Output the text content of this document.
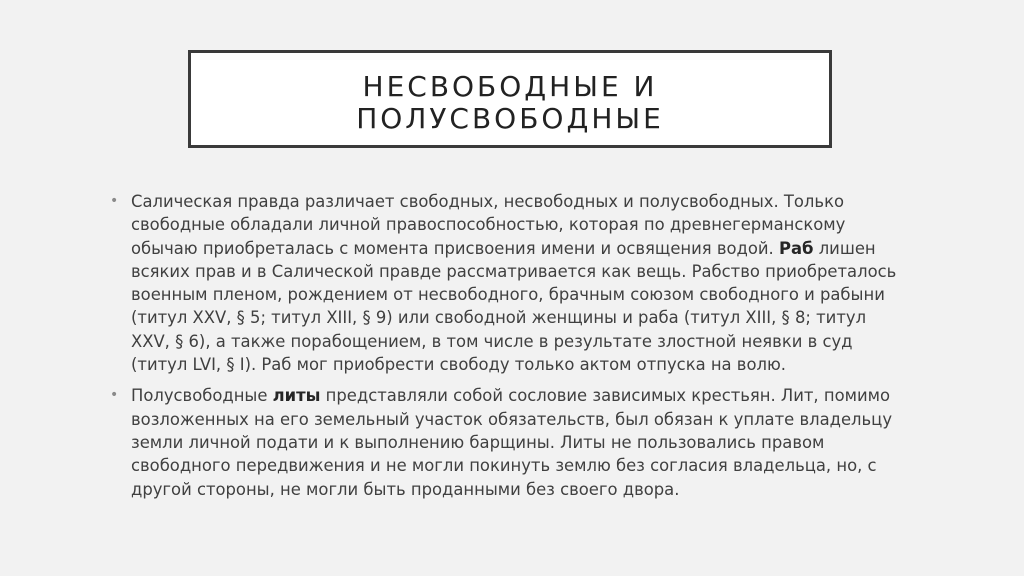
НЕСВОБОДНЫЕ И
ПОЛУСВОБОДНЫЕ
• Салическая правда различает свободных, несвободных и полусвободных. Только свободные обладали личной правоспособностью, которая по древнегерманскому обычаю приобреталась с момента присвоения имени и освящения водой. Раб лишен всяких прав и в Салической правде рассматривается как вещь. Рабство приобреталось военным пленом, рождением от несвободного, брачным союзом свободного и рабыни (титул XXV, § 5; титул XIII, § 9) или свободной женщины и раба (титул XIII, § 8; титул XXV, § 6), а также порабощением, в том числе в результате злостной неявки в суд (титул LVI, § I). Раб мог приобрести свободу только актом отпуска на волю.
• Полусвободные литы представляли собой сословие зависимых крестьян. Лит, помимо возложенных на его земельный участок обязательств, был обязан к уплате владельцу земли личной подати и к выполнению барщины. Литы не пользовались правом свободного передвижения и не могли покинуть землю без согласия владельца, но, с другой стороны, не могли быть проданными без своего двора.
